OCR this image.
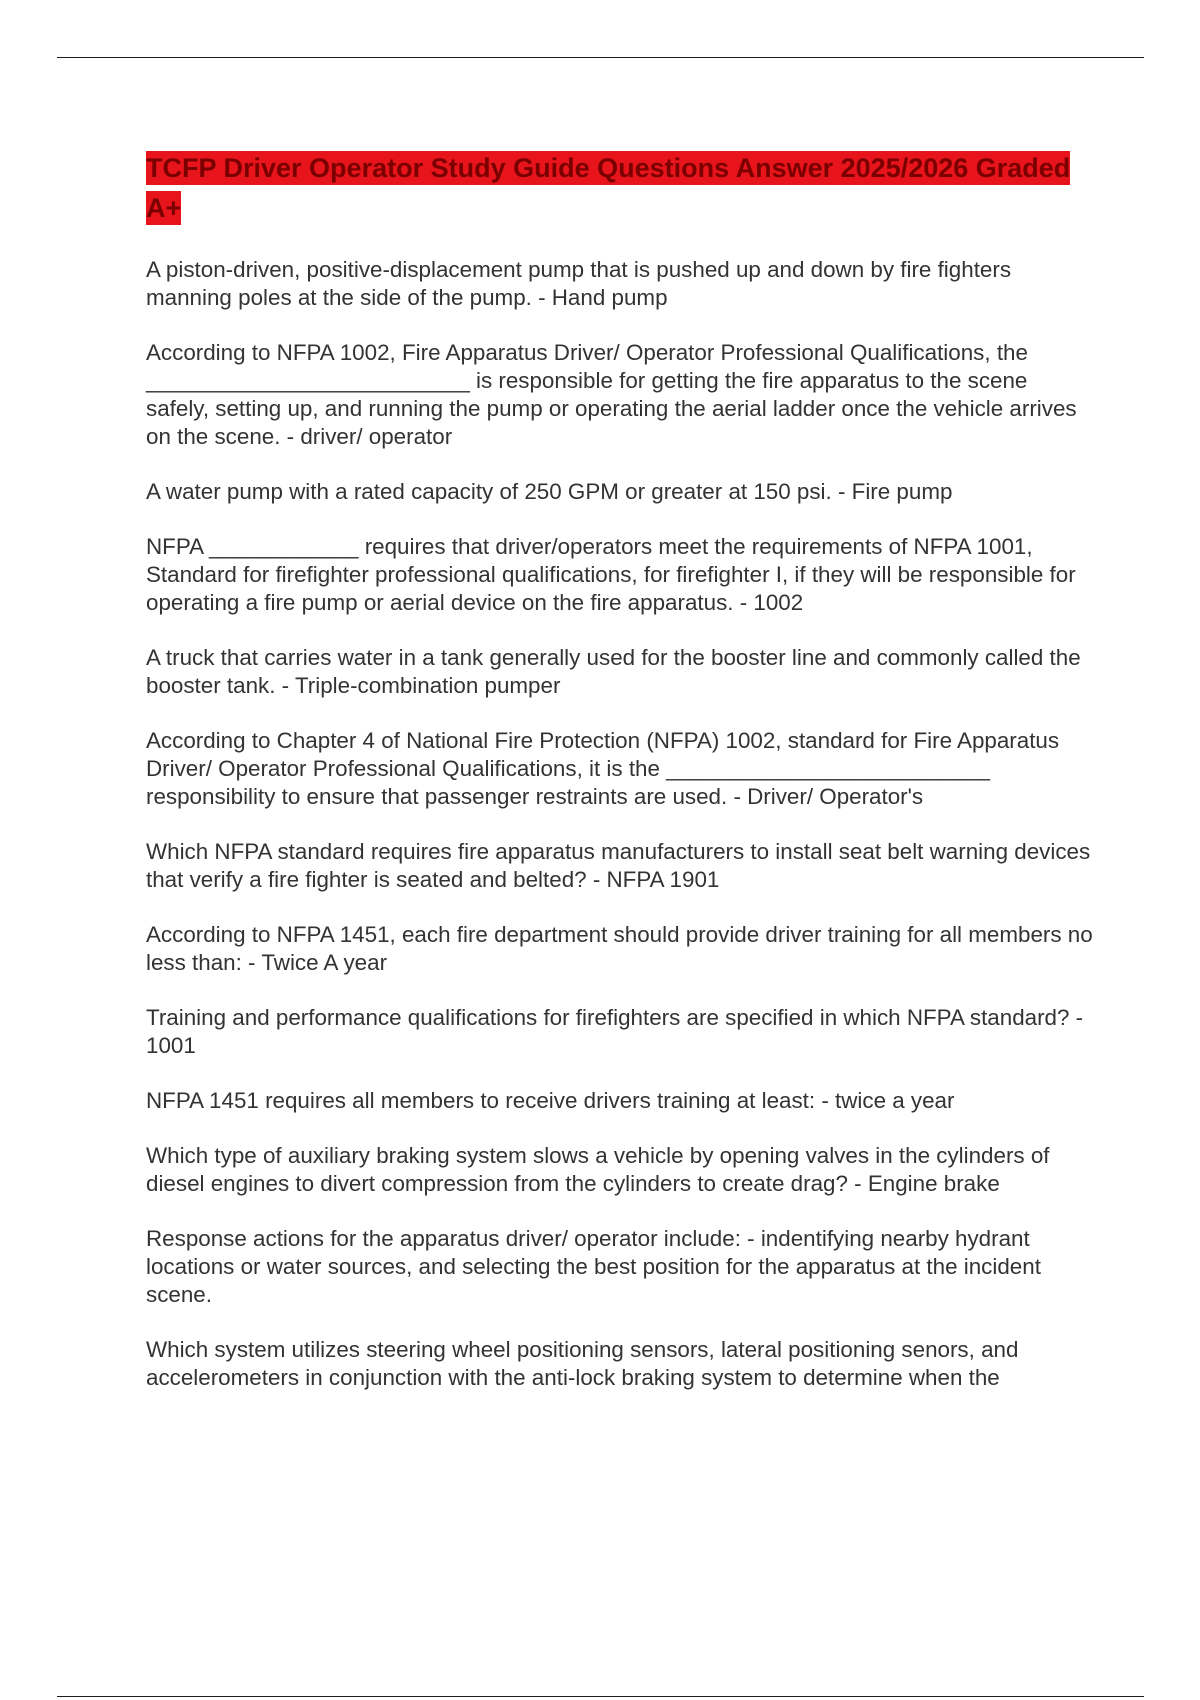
TCFP Driver Operator Study Guide Questions Answer 2025/2026 Graded A+

A piston-driven, positive-displacement pump that is pushed up and down by fire fighters manning poles at the side of the pump. - Hand pump

According to NFPA 1002, Fire Apparatus Driver/ Operator Professional Qualifications, the __________________________ is responsible for getting the fire apparatus to the scene safely, setting up, and running the pump or operating the aerial ladder once the vehicle arrives on the scene. - driver/ operator

A water pump with a rated capacity of 250 GPM or greater at 150 psi. - Fire pump

NFPA ____________ requires that driver/operators meet the requirements of NFPA 1001, Standard for firefighter professional qualifications, for firefighter I, if they will be responsible for operating a fire pump or aerial device on the fire apparatus. - 1002

A truck that carries water in a tank generally used for the booster line and commonly called the booster tank. - Triple-combination pumper

According to Chapter 4 of National Fire Protection (NFPA) 1002, standard for Fire Apparatus Driver/ Operator Professional Qualifications, it is the __________________________ responsibility to ensure that passenger restraints are used. - Driver/ Operator's

Which NFPA standard requires fire apparatus manufacturers to install seat belt warning devices that verify a fire fighter is seated and belted? - NFPA 1901

According to NFPA 1451, each fire department should provide driver training for all members no less than: - Twice A year

Training and performance qualifications for firefighters are specified in which NFPA standard? - 1001

NFPA 1451 requires all members to receive drivers training at least: - twice a year

Which type of auxiliary braking system slows a vehicle by opening valves in the cylinders of diesel engines to divert compression from the cylinders to create drag? - Engine brake

Response actions for the apparatus driver/ operator include: - indentifying nearby hydrant locations or water sources, and selecting the best position for the apparatus at the incident scene.

Which system utilizes steering wheel positioning sensors, lateral positioning senors, and accelerometers in conjunction with the anti-lock braking system to determine when the
